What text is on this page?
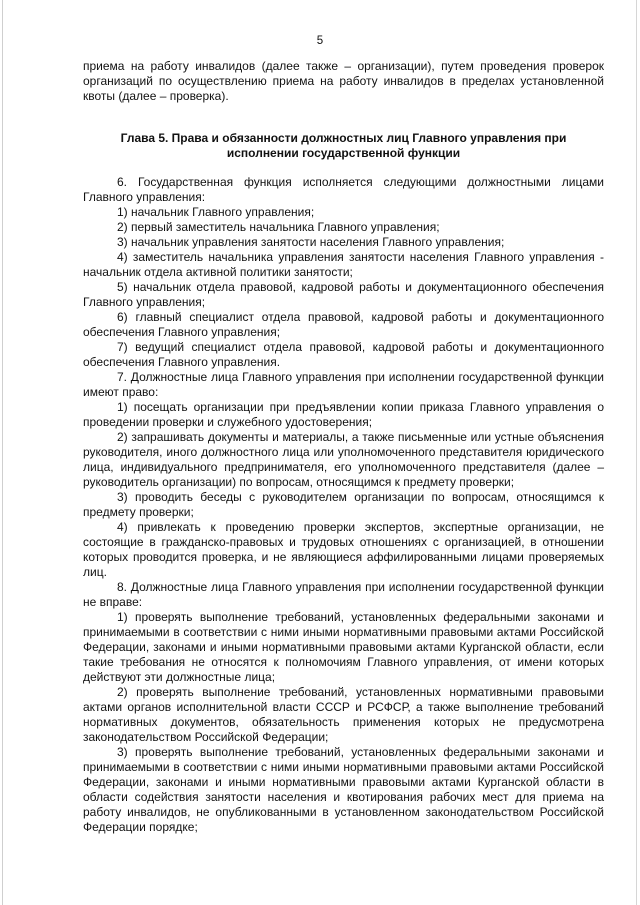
5

приема на работу инвалидов (далее также – организации), путем проведения проверок организаций по осуществлению приема на работу инвалидов в пределах установленной квоты (далее – проверка).

Глава 5. Права и обязанности должностных лиц Главного управления при
исполнении государственной функции

6. Государственная функция исполняется следующими должностными лицами Главного управления:

1) начальник Главного управления;

2) первый заместитель начальника Главного управления;

3) начальник управления занятости населения Главного управления;

4) заместитель начальника управления занятости населения Главного управления - начальник отдела активной политики занятости;

5) начальник отдела правовой, кадровой работы и документационного обеспечения Главного управления;

6) главный специалист отдела правовой, кадровой работы и документационного обеспечения Главного управления;

7) ведущий специалист отдела правовой, кадровой работы и документационного обеспечения Главного управления.

7. Должностные лица Главного управления при исполнении государственной функции имеют право:

1) посещать организации при предъявлении копии приказа Главного управления о проведении проверки и служебного удостоверения;

2) запрашивать документы и материалы, а также письменные или устные объяснения руководителя, иного должностного лица или уполномоченного представителя юридического лица, индивидуального предпринимателя, его уполномоченного представителя (далее – руководитель организации) по вопросам, относящимся к предмету проверки;

3) проводить беседы с руководителем организации по вопросам, относящимся к предмету проверки;

4) привлекать к проведению проверки экспертов, экспертные организации, не состоящие в гражданско-правовых и трудовых отношениях с организацией, в отношении которых проводится проверка, и не являющиеся аффилированными лицами проверяемых лиц.

8. Должностные лица Главного управления при исполнении государственной функции не вправе:

1) проверять выполнение требований, установленных федеральными законами и принимаемыми в соответствии с ними иными нормативными правовыми актами Российской Федерации, законами и иными нормативными правовыми актами Курганской области, если такие требования не относятся к полномочиям Главного управления, от имени которых действуют эти должностные лица;

2) проверять выполнение требований, установленных нормативными правовыми актами органов исполнительной власти СССР и РСФСР, а также выполнение требований нормативных документов, обязательность применения которых не предусмотрена законодательством Российской Федерации;

3) проверять выполнение требований, установленных федеральными законами и принимаемыми в соответствии с ними иными нормативными правовыми актами Российской Федерации, законами и иными нормативными правовыми актами Курганской области в области содействия занятости населения и квотирования рабочих мест для приема на работу инвалидов, не опубликованными в установленном законодательством Российской Федерации порядке;
